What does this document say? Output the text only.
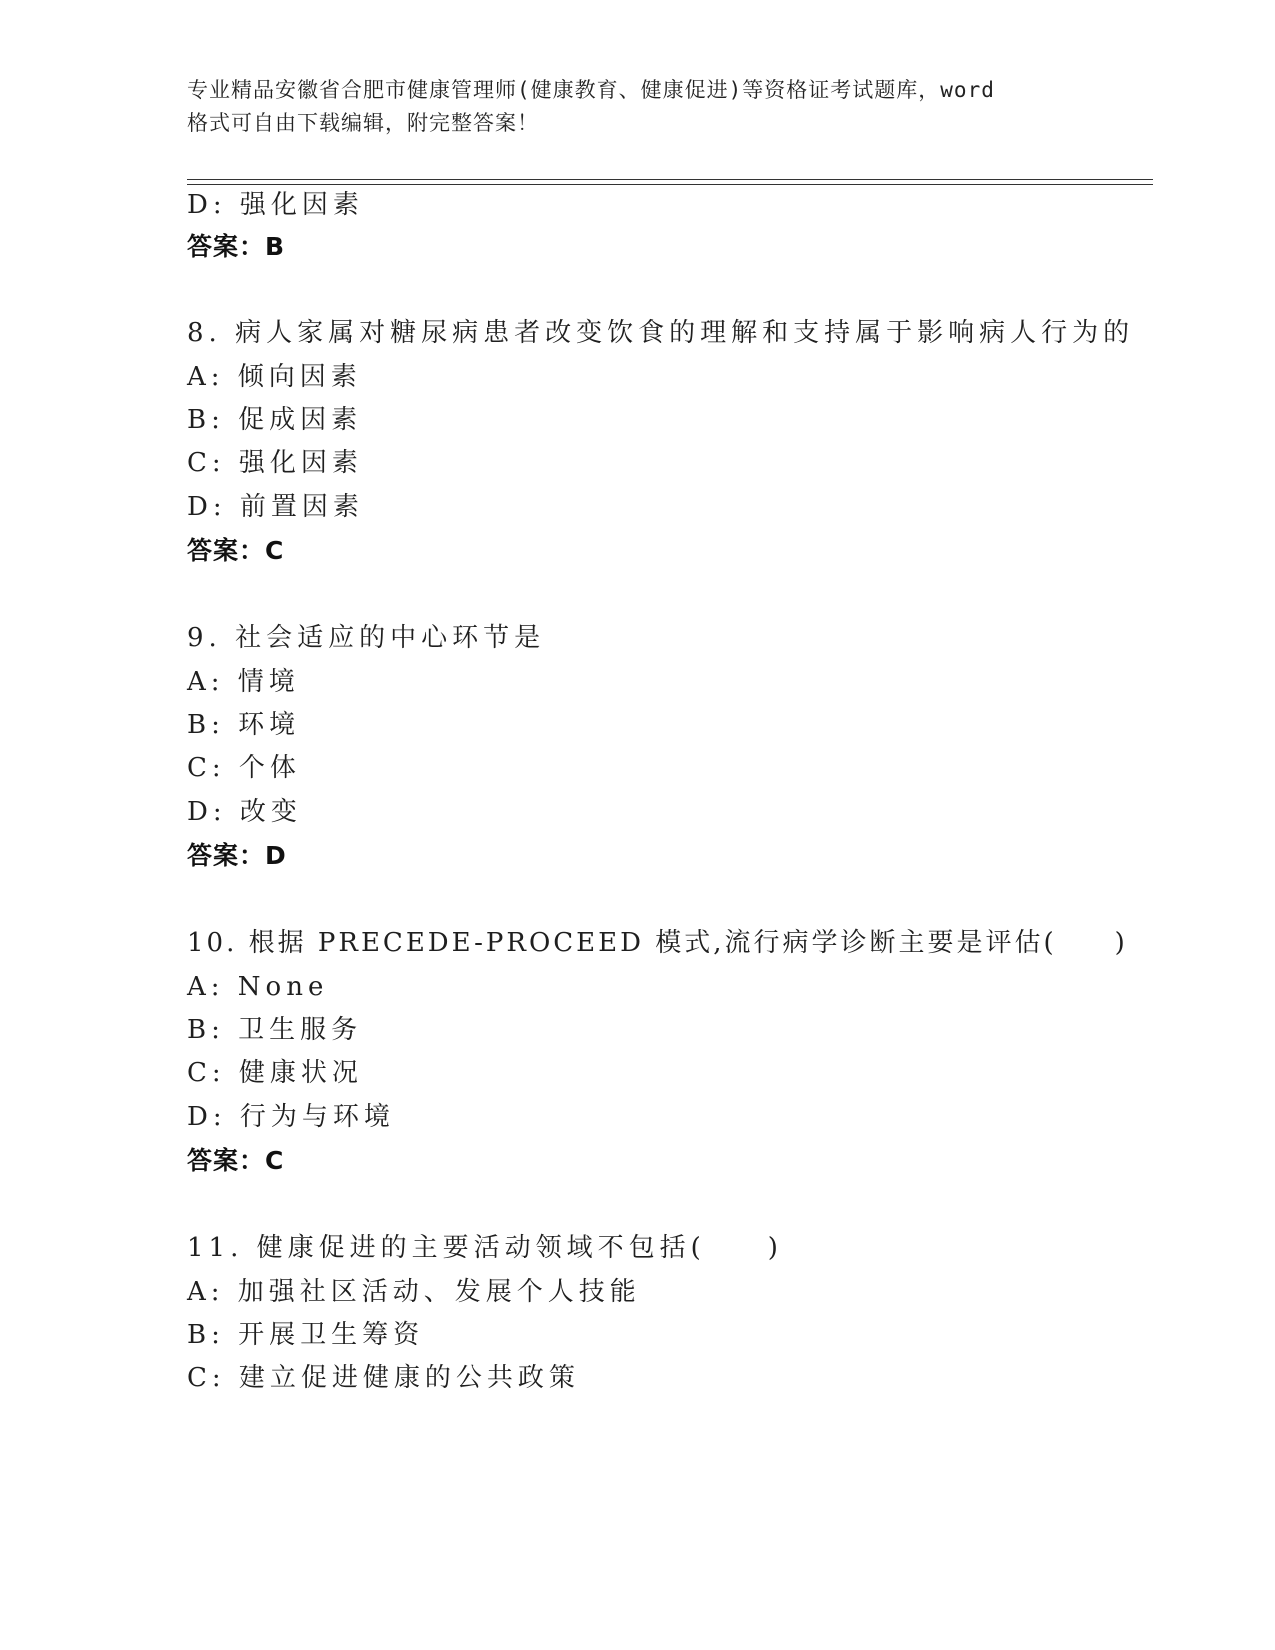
专业精品安徽省合肥市健康管理师(健康教育、健康促进)等资格证考试题库，word
格式可自由下载编辑，附完整答案！
D: 强化因素
答案：B
8. 病人家属对糖尿病患者改变饮食的理解和支持属于影响病人行为的
A: 倾向因素
B: 促成因素
C: 强化因素
D: 前置因素
答案：C
9. 社会适应的中心环节是
A: 情境
B: 环境
C: 个体
D: 改变
答案：D
10. 根据 PRECEDE-PROCEED 模式,流行病学诊断主要是评估(　　)
A: None
B: 卫生服务
C: 健康状况
D: 行为与环境
答案：C
11. 健康促进的主要活动领域不包括(　　)
A: 加强社区活动、发展个人技能
B: 开展卫生筹资
C: 建立促进健康的公共政策
